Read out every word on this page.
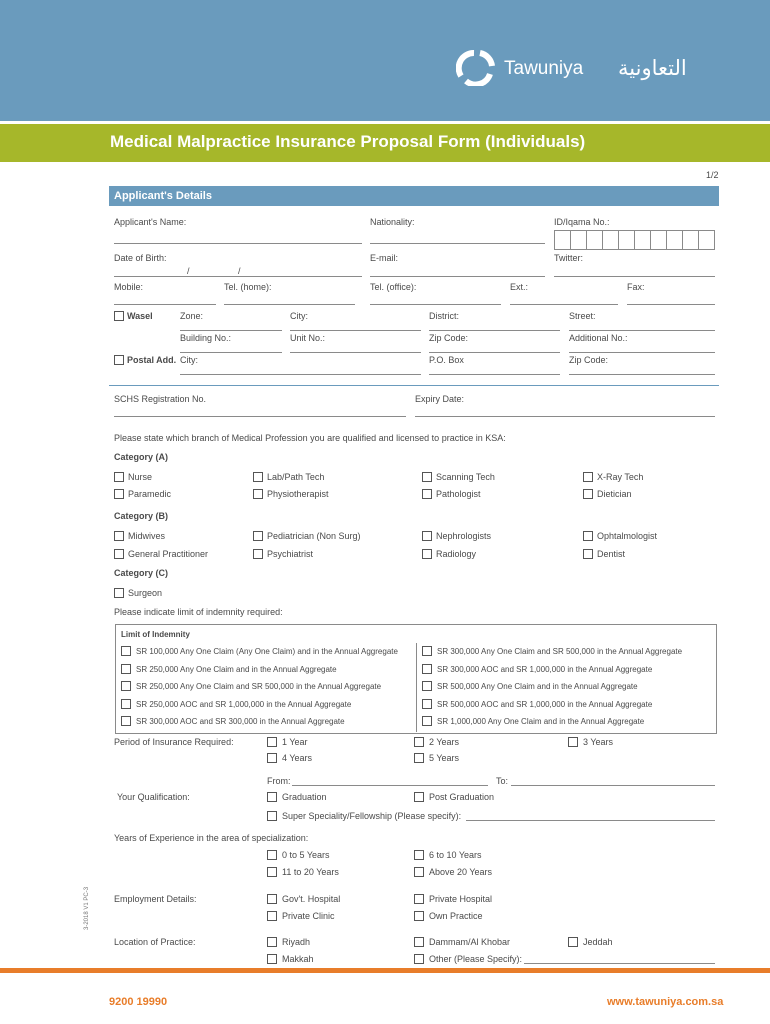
Tawuniya التعاونية
Medical Malpractice Insurance Proposal Form (Individuals)
1/2
Applicant's Details
Applicant's Name:	Nationality:	ID/Iqama No.:
Date of Birth:
/	/
E-mail:	Twitter:
Mobile:	Tel. (home):	Tel. (office):	Ext.:	Fax:
Wasel	Zone:	City:	District:	Street:
Building No.:	Unit No.:	Zip Code:	Additional No.:
Postal Add. City:	P.O. Box	Zip Code:
SCHS Registration No.	Expiry Date:
Please state which branch of Medical Profession you are qualified and licensed to practice in KSA:
Category (A)
Nurse	Lab/Path Tech	Scanning Tech	X-Ray Tech
Paramedic	Physiotherapist	Pathologist	Dietician
Category (B)
Midwives	Pediatrician (Non Surg)	Nephrologists	Ophtalmologist
General Practitioner	Psychiatrist	Radiology	Dentist
Category (C)
Surgeon
Please indicate limit of indemnity required:
Limit of Indemnity
SR 100,000 Any One Claim (Any One Claim) and in the Annual Aggregate
SR 250,000 Any One Claim and in the Annual Aggregate
SR 250,000 Any One Claim and SR 500,000 in the Annual Aggregate
SR 250,000 AOC and SR 1,000,000 in the Annual Aggregate
SR 300,000 AOC and SR 300,000 in the Annual Aggregate
SR 300,000 Any One Claim and SR 500,000 in the Annual Aggregate
SR 300,000 AOC and SR 1,000,000 in the Annual Aggregate
SR 500,000 Any One Claim and in the Annual Aggregate
SR 500,000 AOC and SR 1,000,000 in the Annual Aggregate
SR 1,000,000 Any One Claim and in the Annual Aggregate
Period of Insurance Required:	1 Year	2 Years	3 Years
4 Years	5 Years
From:	To:
Your Qualification:	Graduation	Post Graduation
Super Speciality/Fellowship (Please specify):
Years of Experience in the area of specialization:
0 to 5 Years	6 to 10 Years
11 to 20 Years	Above 20 Years
Employment Details:	Gov't. Hospital	Private Hospital
Private Clinic	Own Practice
Location of Practice:	Riyadh	Dammam/Al Khobar	Jeddah
Makkah	Other (Please Specify):
3-2018 V1 PC-3
9200 19990	www.tawuniya.com.sa
